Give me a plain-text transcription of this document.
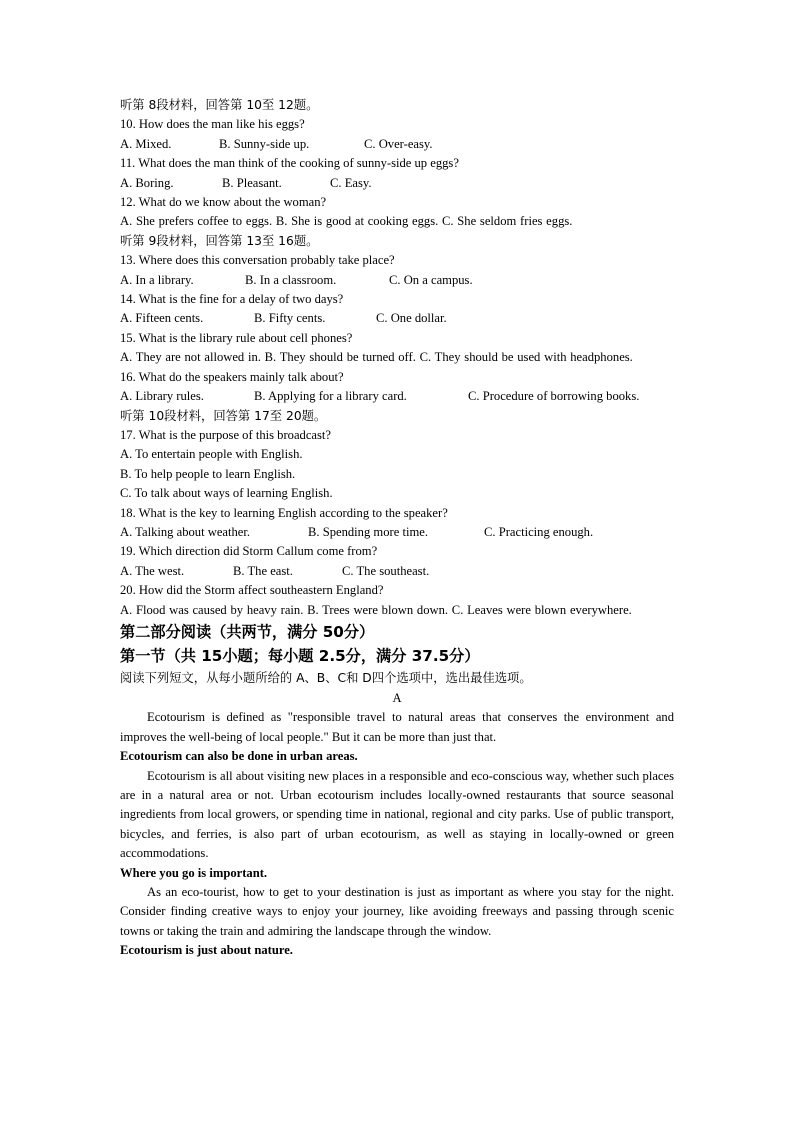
听第 8段材料，回答第 10至 12题。
10. How does the man like his eggs?
A. Mixed.	B. Sunny-side up.	C. Over-easy.
11. What does the man think of the cooking of sunny-side up eggs?
A. Boring.	B. Pleasant.	C. Easy.
12. What do we know about the woman?
A. She prefers coffee to eggs. B. She is good at cooking eggs. C. She seldom fries eggs.
听第 9段材料，回答第 13至 16题。
13. Where does this conversation probably take place?
A. In a library.	B. In a classroom.	C. On a campus.
14. What is the fine for a delay of two days?
A. Fifteen cents.	B. Fifty cents.	C. One dollar.
15. What is the library rule about cell phones?
A. They are not allowed in. B. They should be turned off. C. They should be used with headphones.
16. What do the speakers mainly talk about?
A. Library rules.	B. Applying for a library card.	C. Procedure of borrowing books.
听第 10段材料，回答第 17至 20题。
17. What is the purpose of this broadcast?
A. To entertain people with English.
B. To help people to learn English.
C. To talk about ways of learning English.
18. What is the key to learning English according to the speaker?
A. Talking about weather.	B. Spending more time.	C. Practicing enough.
19. Which direction did Storm Callum come from?
A. The west.	B. The east.	C. The southeast.
20. How did the Storm affect southeastern England?
A. Flood was caused by heavy rain. B. Trees were blown down. C. Leaves were blown everywhere.
第二部分阅读（共两节，满分 50分）
第一节（共 15小题；每小题 2.5分，满分 37.5分）
阅读下列短文，从每小题所给的 A、B、C和 D四个选项中，选出最佳选项。
A
Ecotourism is defined as "responsible travel to natural areas that conserves the environment and improves the well-being of local people." But it can be more than just that.
Ecotourism can also be done in urban areas.
Ecotourism is all about visiting new places in a responsible and eco-conscious way, whether such places are in a natural area or not. Urban ecotourism includes locally-owned restaurants that source seasonal ingredients from local growers, or spending time in national, regional and city parks. Use of public transport, bicycles, and ferries, is also part of urban ecotourism, as well as staying in locally-owned or green accommodations.
Where you go is important.
As an eco-tourist, how to get to your destination is just as important as where you stay for the night. Consider finding creative ways to enjoy your journey, like avoiding freeways and passing through scenic towns or taking the train and admiring the landscape through the window.
Ecotourism is just about nature.
